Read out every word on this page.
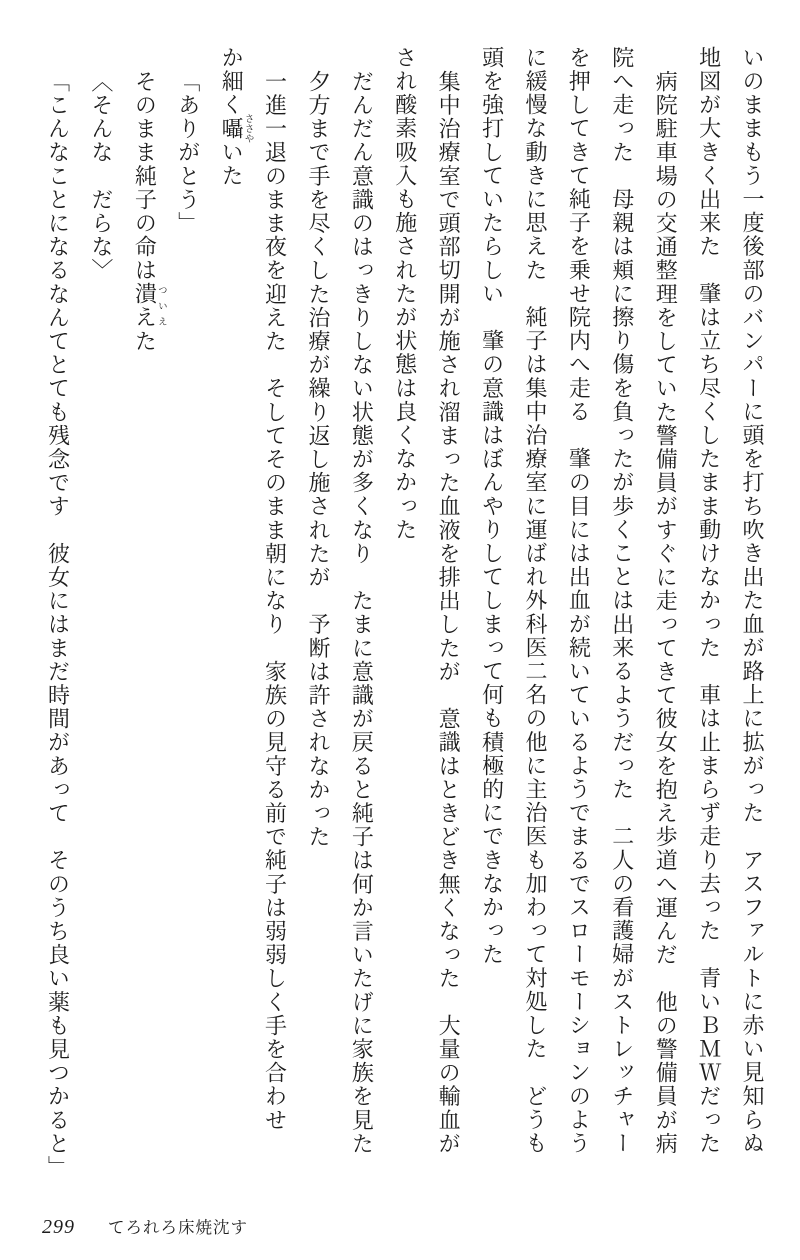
いのままもう一度後部のバンパーに頭を打ち吹き出た血が路上に拡がった　アスファルトに赤い見知らぬ
地図が大きく出来た　肇は立ち尽くしたまま動けなかった　車は止まらず走り去った　青いＢＭＷだった
病院駐車場の交通整理をしていた警備員がすぐに走ってきて彼女を抱え歩道へ運んだ　他の警備員が病
院へ走った　母親は頬に擦り傷を負ったが歩くことは出来るようだった　二人の看護婦がストレッチャー
を押してきて純子を乗せ院内へ走る　肇の目には出血が続いているようでまるでスローモーションのよう
に緩慢な動きに思えた　純子は集中治療室に運ばれ外科医二名の他に主治医も加わって対処した　どうも
頭を強打していたらしい　肇の意識はぼんやりしてしまって何も積極的にできなかった
集中治療室で頭部切開が施され溜まった血液を排出したが　意識はときどき無くなった　大量の輸血が
され酸素吸入も施されたが状態は良くなかった
だんだん意識のはっきりしない状態が多くなり　たまに意識が戻ると純子は何か言いたげに家族を見た
夕方まで手を尽くした治療が繰り返し施されたが　予断は許されなかった
一進一退のまま夜を迎えた　そしてそのまま朝になり　家族の見守る前で純子は弱弱しく手を合わせ
か細く囁ささやいた
「ありがとう」
そのまま純子の命は潰えついえた
〈そんな　だらな〉
「こんなことになるなんてとても残念です　彼女にはまだ時間があって　そのうち良い薬も見つかると」
299 てろれろ床焼沈す
